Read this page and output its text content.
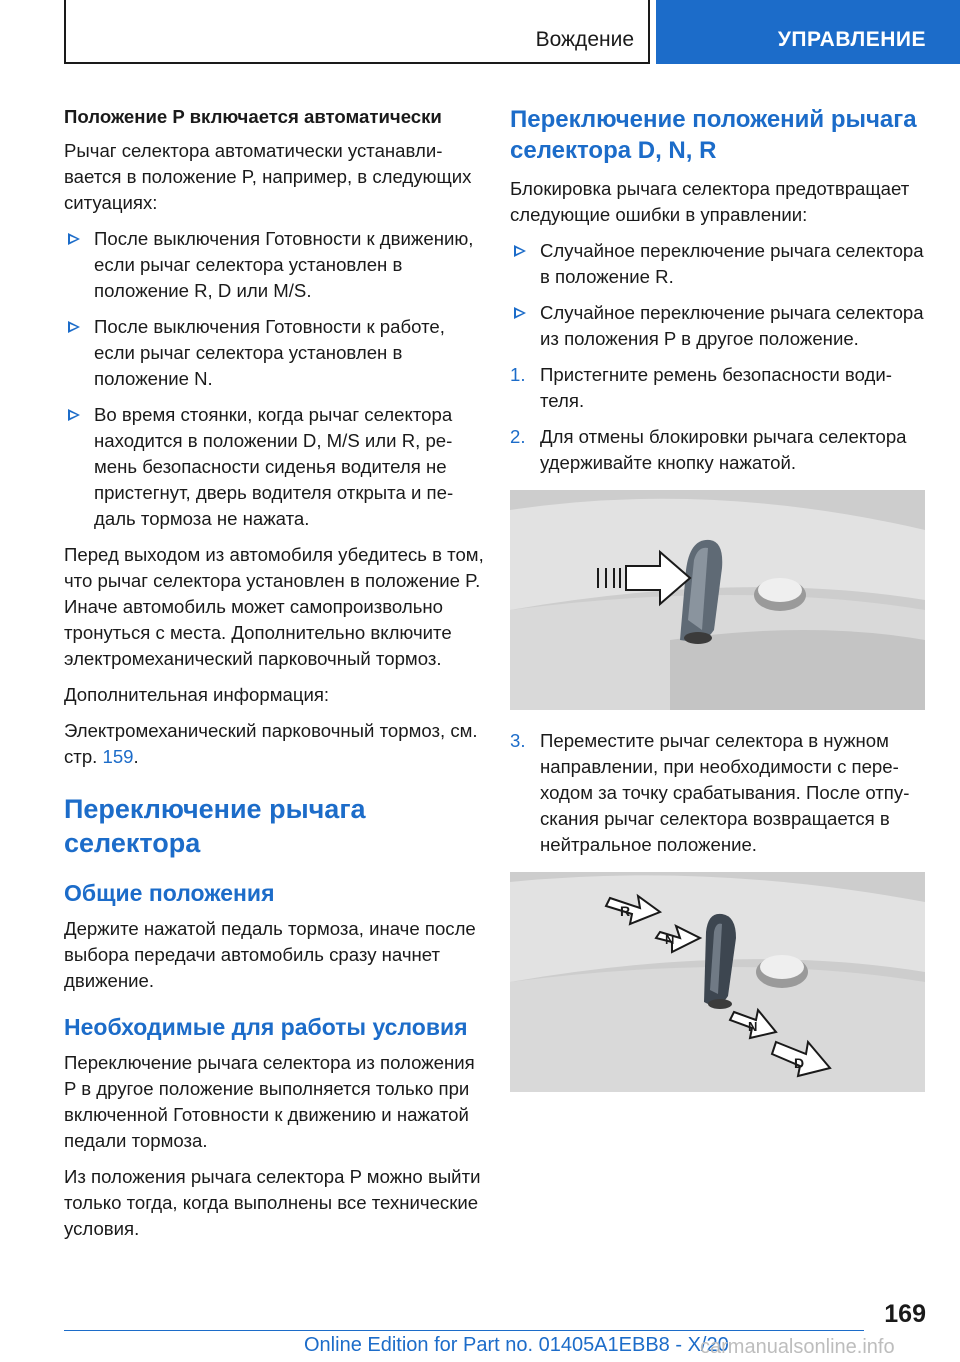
Вождение	УПРАВЛЕНИЕ
Положение P включается автоматически

Рычаг селектора автоматически устанавливается в положение P, например, в следующих ситуациях:

После выключения Готовности к движению, если рычаг селектора установлен в положение R, D или M/S.
После выключения Готовности к работе, если рычаг селектора установлен в положение N.
Во время стоянки, когда рычаг селектора находится в положении D, M/S или R, ремень безопасности сиденья водителя не пристегнут, дверь водителя открыта и педаль тормоза не нажата.

Перед выходом из автомобиля убедитесь в том, что рычаг селектора установлен в положение P. Иначе автомобиль может самопроизвольно тронуться с места. Дополнительно включите электромеханический парковочный тормоз.

Дополнительная информация:

Электромеханический парковочный тормоз, см. стр. 159.

Переключение рычага селектора
Общие положения

Держите нажатой педаль тормоза, иначе после выбора передачи автомобиль сразу начнет движение.

Необходимые для работы условия

Переключение рычага селектора из положения P в другое положение выполняется только при включенной Готовности к движению и нажатой педали тормоза.

Из положения рычага селектора P можно выйти только тогда, когда выполнены все технические условия.

Переключение положений рычага селектора D, N, R

Блокировка рычага селектора предотвращает следующие ошибки в управлении:

Случайное переключение рычага селектора в положение R.
Случайное переключение рычага селектора из положения P в другое положение.
1. Пристегните ремень безопасности водителя.
2. Для отмены блокировки рычага селектора удерживайте кнопку нажатой.
3. Переместите рычаг селектора в нужном направлении, при необходимости с переходом за точку срабатывания. После отпускания рычаг селектора возвращается в нейтральное положение.
R
N
N
D
169
Online Edition for Part no. 01405A1EBB8 - X/20
carmanualsonline.info
